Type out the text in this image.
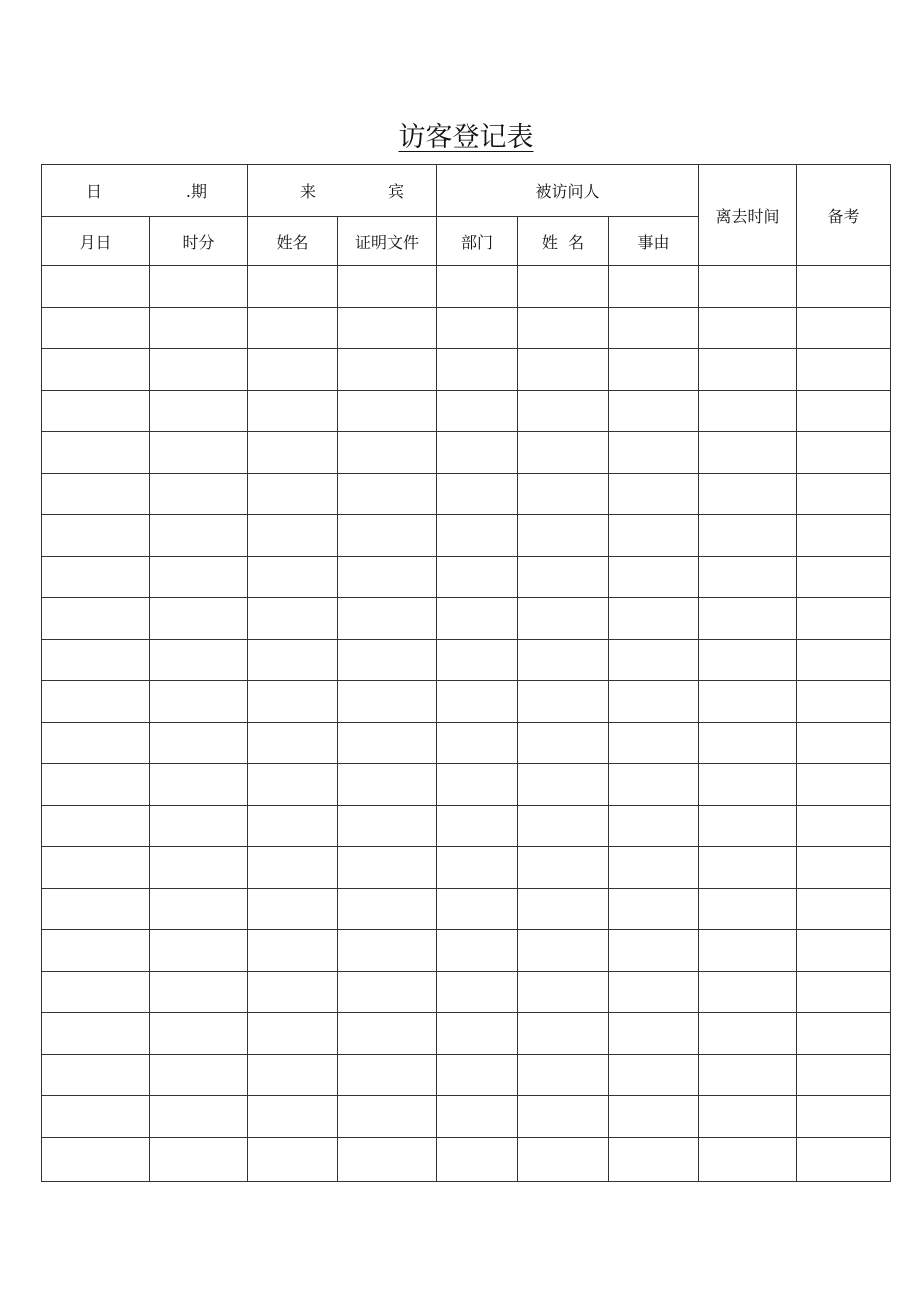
访客登记表
日 .期		来 宾		被访问人			离去时间	备考
月日	时分	姓名	证明文件	部门	姓  名	事由		
